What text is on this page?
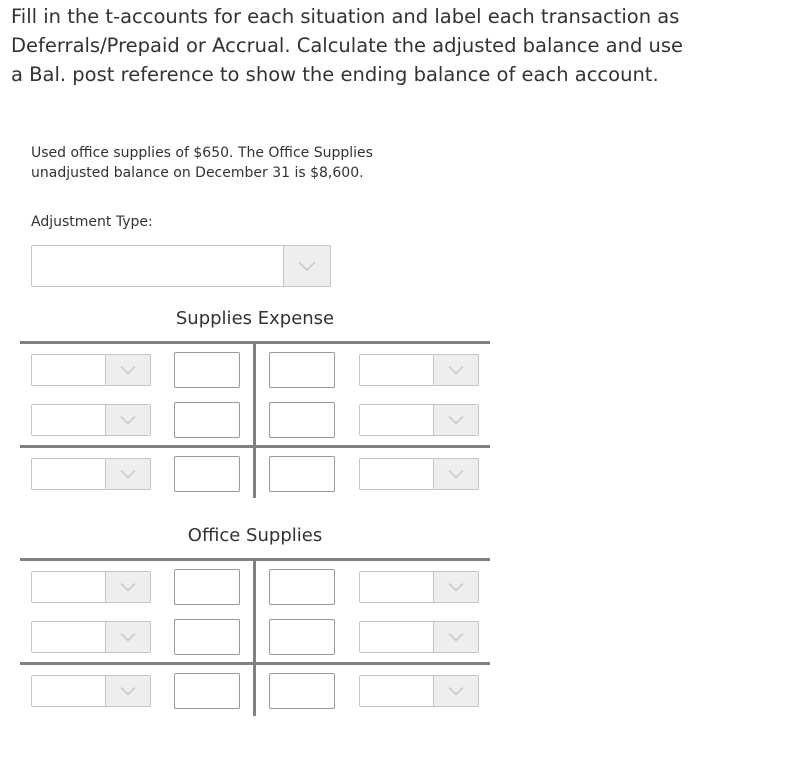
Fill in the t-accounts for each situation and label each transaction as
Deferrals/Prepaid or Accrual. Calculate the adjusted balance and use
a Bal. post reference to show the ending balance of each account.
Used office supplies of $650. The Office Supplies
unadjusted balance on December 31 is $8,600.
Adjustment Type:
Supplies Expense
Office Supplies
